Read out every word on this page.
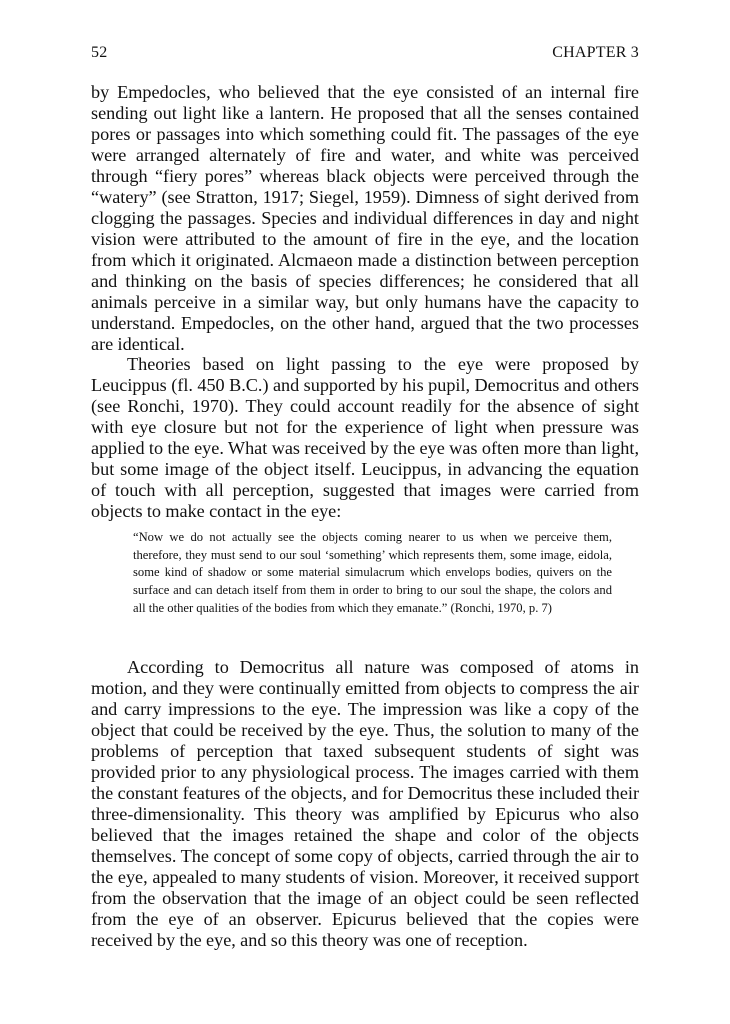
52	CHAPTER 3

by Empedocles, who believed that the eye consisted of an internal fire sending out light like a lantern. He proposed that all the senses contained pores or passages into which something could fit. The passages of the eye were arranged alternately of fire and water, and white was perceived through “fiery pores” whereas black objects were perceived through the “watery” (see Stratton, 1917; Siegel, 1959). Dimness of sight derived from clogging the passages. Species and individual differences in day and night vision were attributed to the amount of fire in the eye, and the location from which it originated. Alcmaeon made a distinction between perception and thinking on the basis of species differences; he considered that all animals perceive in a similar way, but only humans have the capacity to understand. Empedocles, on the other hand, argued that the two processes are identical.

Theories based on light passing to the eye were proposed by Leucippus (fl. 450 B.C.) and supported by his pupil, Democritus and others (see Ronchi, 1970). They could account readily for the absence of sight with eye closure but not for the experience of light when pressure was applied to the eye. What was received by the eye was often more than light, but some image of the object itself. Leucippus, in advancing the equation of touch with all perception, suggested that images were carried from objects to make contact in the eye:

“Now we do not actually see the objects coming nearer to us when we perceive them, therefore, they must send to our soul ‘something’ which represents them, some image, eidola, some kind of shadow or some material simulacrum which envelops bodies, quivers on the surface and can detach itself from them in order to bring to our soul the shape, the colors and all the other qualities of the bodies from which they emanate.” (Ronchi, 1970, p. 7)

According to Democritus all nature was composed of atoms in motion, and they were continually emitted from objects to compress the air and carry impressions to the eye. The impression was like a copy of the object that could be received by the eye. Thus, the solution to many of the problems of perception that taxed subsequent students of sight was provided prior to any physiological process. The images carried with them the constant features of the objects, and for Democritus these included their three-dimensionality. This theory was amplified by Epicurus who also believed that the images retained the shape and color of the objects themselves. The concept of some copy of objects, carried through the air to the eye, appealed to many students of vision. Moreover, it received support from the observation that the image of an object could be seen reflected from the eye of an observer. Epicurus believed that the copies were received by the eye, and so this theory was one of reception.
